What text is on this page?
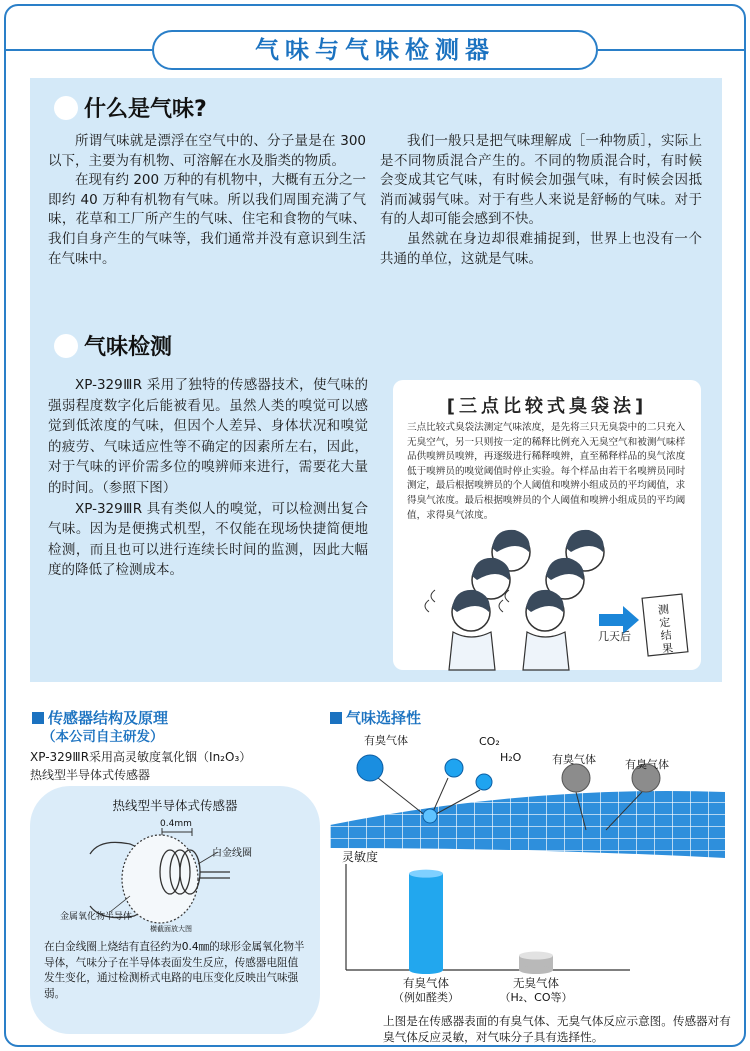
气味与气味检测器
什么是气味?

所谓气味就是漂浮在空气中的、分子量是在 300 以下，主要为有机物、可溶解在水及脂类的物质。

在现有约 200 万种的有机物中，大概有五分之一即约 40 万种有机物有气味。所以我们周围充满了气味，花草和工厂所产生的气味、住宅和食物的气味、我们自身产生的气味等，我们通常并没有意识到生活在气味中。

我们一般只是把气味理解成［一种物质］，实际上是不同物质混合产生的。不同的物质混合时，有时候会变成其它气味，有时候会加强气味，有时候会因抵消而减弱气味。对于有些人来说是舒畅的气味。对于有的人却可能会感到不快。

虽然就在身边却很难捕捉到，世界上也没有一个共通的单位，这就是气味。

气味检测

XP-329ⅢR 采用了独特的传感器技术，使气味的强弱程度数字化后能被看见。虽然人类的嗅觉可以感觉到低浓度的气味，但因个人差异、身体状况和嗅觉的疲劳、气味适应性等不确定的因素所左右，因此，对于气味的评价需多位的嗅辨师来进行，需要花大量的时间。（参照下图）

XP-329ⅢR 具有类似人的嗅觉，可以检测出复合气味。因为是便携式机型，不仅能在现场快捷简便地检测，而且也可以进行连续长时间的监测，因此大幅度的降低了检测成本。

[三点比较式臭袋法]
三点比较式臭袋法测定气味浓度，是先将三只无臭袋中的二只充入无臭空气，另一只则按一定的稀释比例充入无臭空气和被测气味样品供嗅辨员嗅辨，再逐级进行稀释嗅辨，直至稀释样品的臭气浓度低于嗅辨员的嗅觉阈值时停止实验。每个样品由若干名嗅辨员同时测定，最后根据嗅辨员的个人阈值和嗅辨小组成员的平均阈值，求得臭气浓度。最后根据嗅辨员的个人阈值和嗅辨小组成员的平均阈值，求得臭气浓度。
几天后
测定结果
传感器结构及原理
（本公司自主研发）
XP-329ⅢR采用高灵敏度氧化铟（In₂O₃）
热线型半导体式传感器
热线型半导体式传感器
0.4mm
白金线圈
金属氧化物半导体
横截面放大图
在白金线圈上烧结有直径约为0.4㎜的球形金属氧化物半导体，气味分子在半导体表面发生反应，传感器电阻值发生变化，通过检测桥式电路的电压变化反映出气味强弱。
气味选择性
有臭气体	CO₂
H₂O	有臭气体	有臭气体
灵敏度
有臭气体
（例如醛类）
无臭气体
（H₂、CO等）
上图是在传感器表面的有臭气体、无臭气体反应示意图。传感器对有臭气体反应灵敏，对气味分子具有选择性。
